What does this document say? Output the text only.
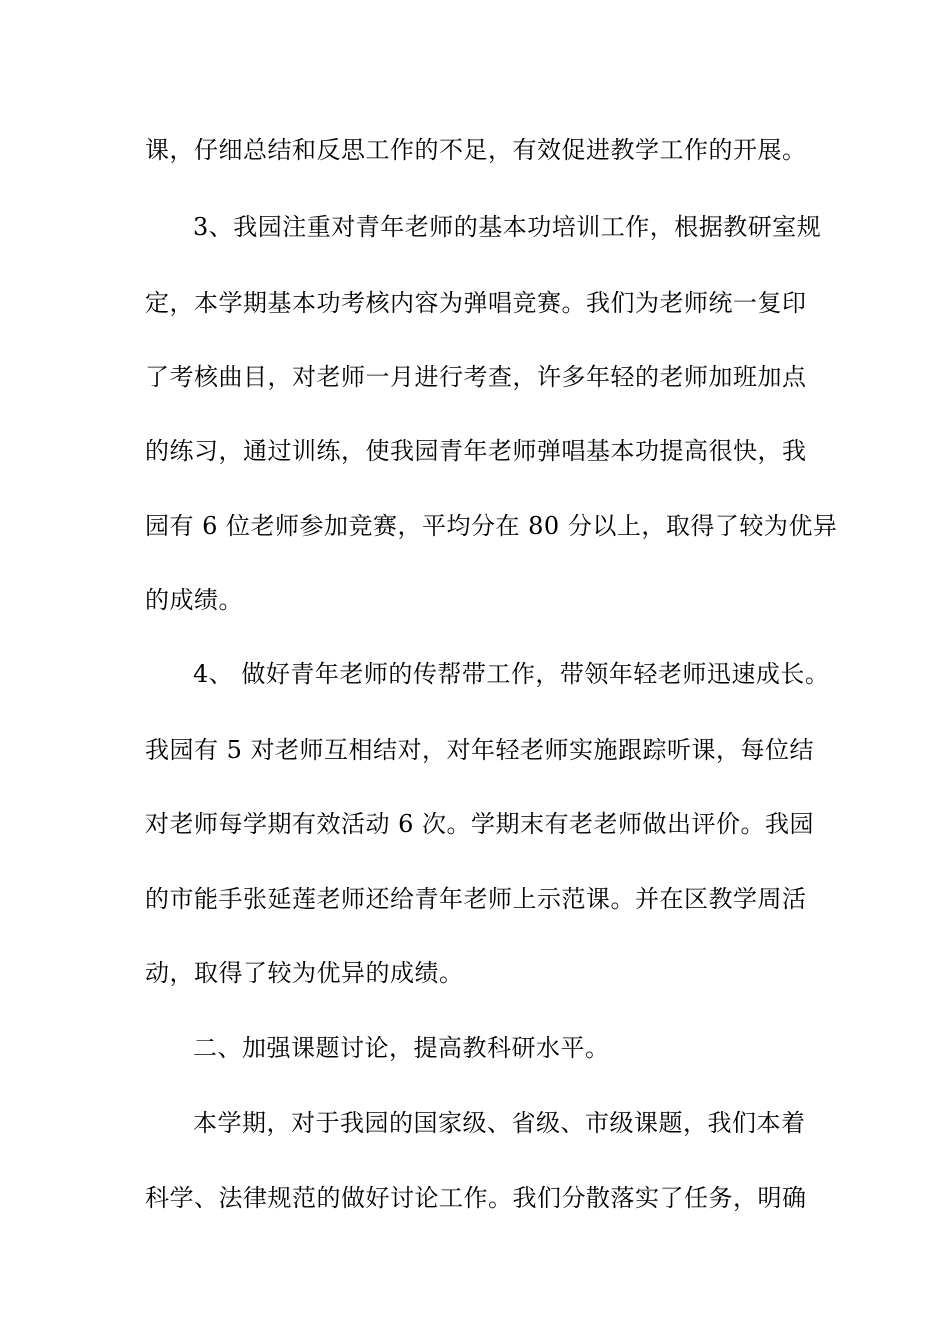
课，仔细总结和反思工作的不足，有效促进教学工作的开展。
3、我园注重对青年老师的基本功培训工作，根据教研室规
定，本学期基本功考核内容为弹唱竞赛。我们为老师统一复印
了考核曲目，对老师一月进行考查，许多年轻的老师加班加点
的练习，通过训练，使我园青年老师弹唱基本功提高很快，我
园有 6 位老师参加竞赛，平均分在 80 分以上，取得了较为优异
的成绩。
4、 做好青年老师的传帮带工作，带领年轻老师迅速成长。
我园有 5 对老师互相结对，对年轻老师实施跟踪听课，每位结
对老师每学期有效活动 6 次。学期末有老老师做出评价。我园
的市能手张延莲老师还给青年老师上示范课。并在区教学周活
动，取得了较为优异的成绩。
二、加强课题讨论，提高教科研水平。
本学期，对于我园的国家级、省级、市级课题，我们本着
科学、法律规范的做好讨论工作。我们分散落实了任务，明确
